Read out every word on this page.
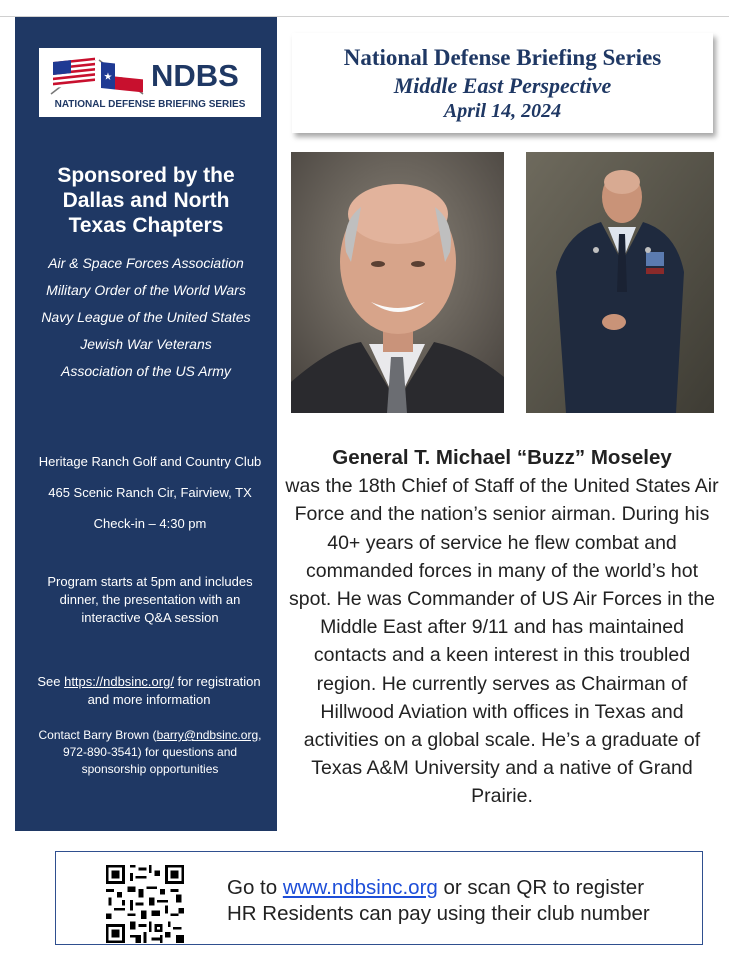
★ NDBS
NATIONAL DEFENSE BRIEFING SERIES
Sponsored by the Dallas and North Texas Chapters
Air & Space Forces Association
Military Order of the World Wars
Navy League of the United States
Jewish War Veterans
Association of the US Army

Heritage Ranch Golf and Country Club

465 Scenic Ranch Cir, Fairview, TX

Check-in – 4:30 pm

Program starts at 5pm and includes dinner, the presentation with an interactive Q&A session
See https://ndbsinc.org/ for registration and more information
Contact Barry Brown (barry@ndbsinc.org, 972-890-3541) for questions and sponsorship opportunities
National Defense Briefing Series
Middle East Perspective
April 14, 2024
General T. Michael “Buzz” Moseley
was the 18th Chief of Staff of the United States Air Force and the nation’s senior airman. During his 40+ years of service he flew combat and commanded forces in many of the world’s hot spot. He was Commander of US Air Forces in the Middle East after 9/11 and has maintained contacts and a keen interest in this troubled region. He currently serves as Chairman of Hillwood Aviation with offices in Texas and activities on a global scale. He’s a graduate of Texas A&M University and a native of Grand Prairie.
Go to www.ndbsinc.org or scan QR to register
HR Residents can pay using their club number
